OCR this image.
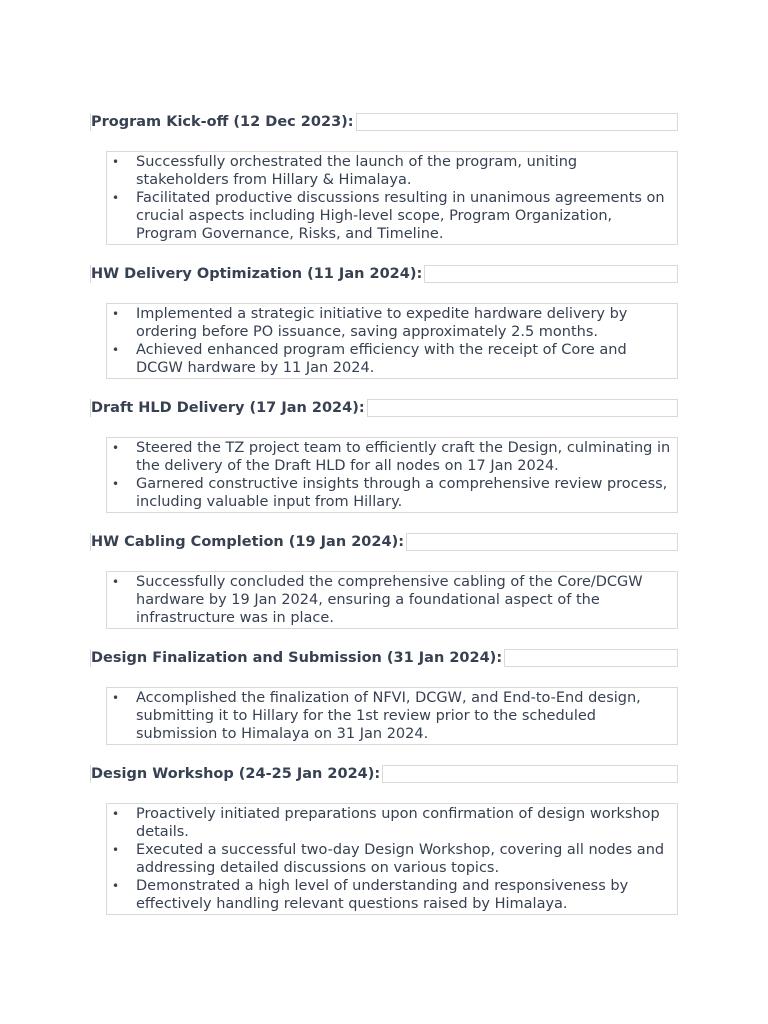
Program Kick-off (12 Dec 2023):
• Successfully orchestrated the launch of the program, uniting stakeholders from Hillary & Himalaya.
• Facilitated productive discussions resulting in unanimous agreements on crucial aspects including High-level scope, Program Organization, Program Governance, Risks, and Timeline.
HW Delivery Optimization (11 Jan 2024):
• Implemented a strategic initiative to expedite hardware delivery by ordering before PO issuance, saving approximately 2.5 months.
• Achieved enhanced program efficiency with the receipt of Core and DCGW hardware by 11 Jan 2024.
Draft HLD Delivery (17 Jan 2024):
• Steered the TZ project team to efficiently craft the Design, culminating in the delivery of the Draft HLD for all nodes on 17 Jan 2024.
• Garnered constructive insights through a comprehensive review process, including valuable input from Hillary.
HW Cabling Completion (19 Jan 2024):
• Successfully concluded the comprehensive cabling of the Core/DCGW hardware by 19 Jan 2024, ensuring a foundational aspect of the infrastructure was in place.
Design Finalization and Submission (31 Jan 2024):
• Accomplished the finalization of NFVI, DCGW, and End-to-End design, submitting it to Hillary for the 1st review prior to the scheduled submission to Himalaya on 31 Jan 2024.
Design Workshop (24-25 Jan 2024):
• Proactively initiated preparations upon confirmation of design workshop details.
• Executed a successful two-day Design Workshop, covering all nodes and addressing detailed discussions on various topics.
• Demonstrated a high level of understanding and responsiveness by effectively handling relevant questions raised by Himalaya.
